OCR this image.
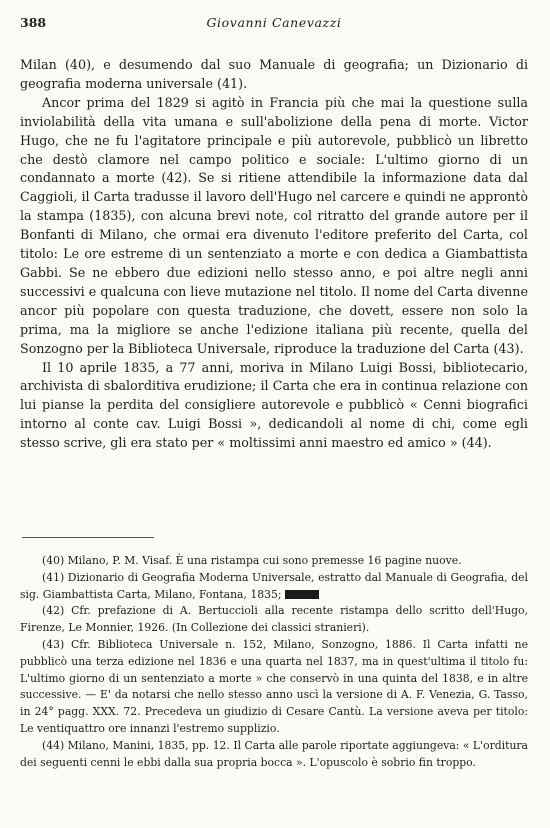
388	Giovanni Canevazzi

Milan (40), e desumendo dal suo Manuale di geografia; un Dizionario di geografia moderna universale (41).

Ancor prima del 1829 si agitò in Francia più che mai la questione sulla inviolabilità della vita umana e sull'abolizione della pena di morte. Victor Hugo, che ne fu l'agitatore principale e più autorevole, pubblicò un libretto che destò clamore nel campo politico e sociale: L'ultimo giorno di un condannato a morte (42). Se si ritiene attendibile la informazione data dal Caggioli, il Carta tradusse il lavoro dell'Hugo nel carcere e quindi ne approntò la stampa (1835), con alcuna brevi note, col ritratto del grande autore per il Bonfanti di Milano, che ormai era divenuto l'editore preferito del Carta, col titolo: Le ore estreme di un sentenziato a morte e con dedica a Giambattista Gabbi. Se ne ebbero due edizioni nello stesso anno, e poi altre negli anni successivi e qualcuna con lieve mutazione nel titolo. Il nome del Carta divenne ancor più popolare con questa traduzione, che dovett, essere non solo la prima, ma la migliore se anche l'edizione italiana più recente, quella del Sonzogno per la Biblioteca Universale, riproduce la traduzione del Carta (43).

Il 10 aprile 1835, a 77 anni, moriva in Milano Luigi Bossi, bibliotecario, archivista di sbalorditiva erudizione; il Carta che era in continua relazione con lui pianse la perdita del consigliere autorevole e pubblicò « Cenni biografici intorno al conte cav. Luigi Bossi », dedicandoli al nome di chi, come egli stesso scrive, gli era stato per « moltissimi anni maestro ed amico » (44).

(40) Milano, P. M. Visaf. È una ristampa cui sono premesse 16 pagine nuove.

(41) Dizionario di Geografia Moderna Universale, estratto dal Manuale di Geografia, del sig. Giambattista Carta, Milano, Fontana, 1835;

(42) Cfr. prefazione di A. Bertuccioli alla recente ristampa dello scritto dell'Hugo, Firenze, Le Monnier, 1926. (In Collezione dei classici stranieri).

(43) Cfr. Biblioteca Universale n. 152, Milano, Sonzogno, 1886. Il Carta infatti ne pubblicò una terza edizione nel 1836 e una quarta nel 1837, ma in quest'ultima il titolo fu: L'ultimo giorno di un sentenziato a morte » che conservò in una quinta del 1838, e in altre successive. — E' da notarsi che nello stesso anno uscì la versione di A. F. Venezia, G. Tasso, in 24° pagg. XXX. 72. Precedeva un giudizio di Cesare Cantù. La versione aveva per titolo: Le ventiquattro ore innanzi l'estremo supplizio.

(44) Milano, Manini, 1835, pp. 12. Il Carta alle parole riportate aggiungeva: « L'orditura dei seguenti cenni le ebbi dalla sua propria bocca ». L'opuscolo è sobrio fin troppo.
